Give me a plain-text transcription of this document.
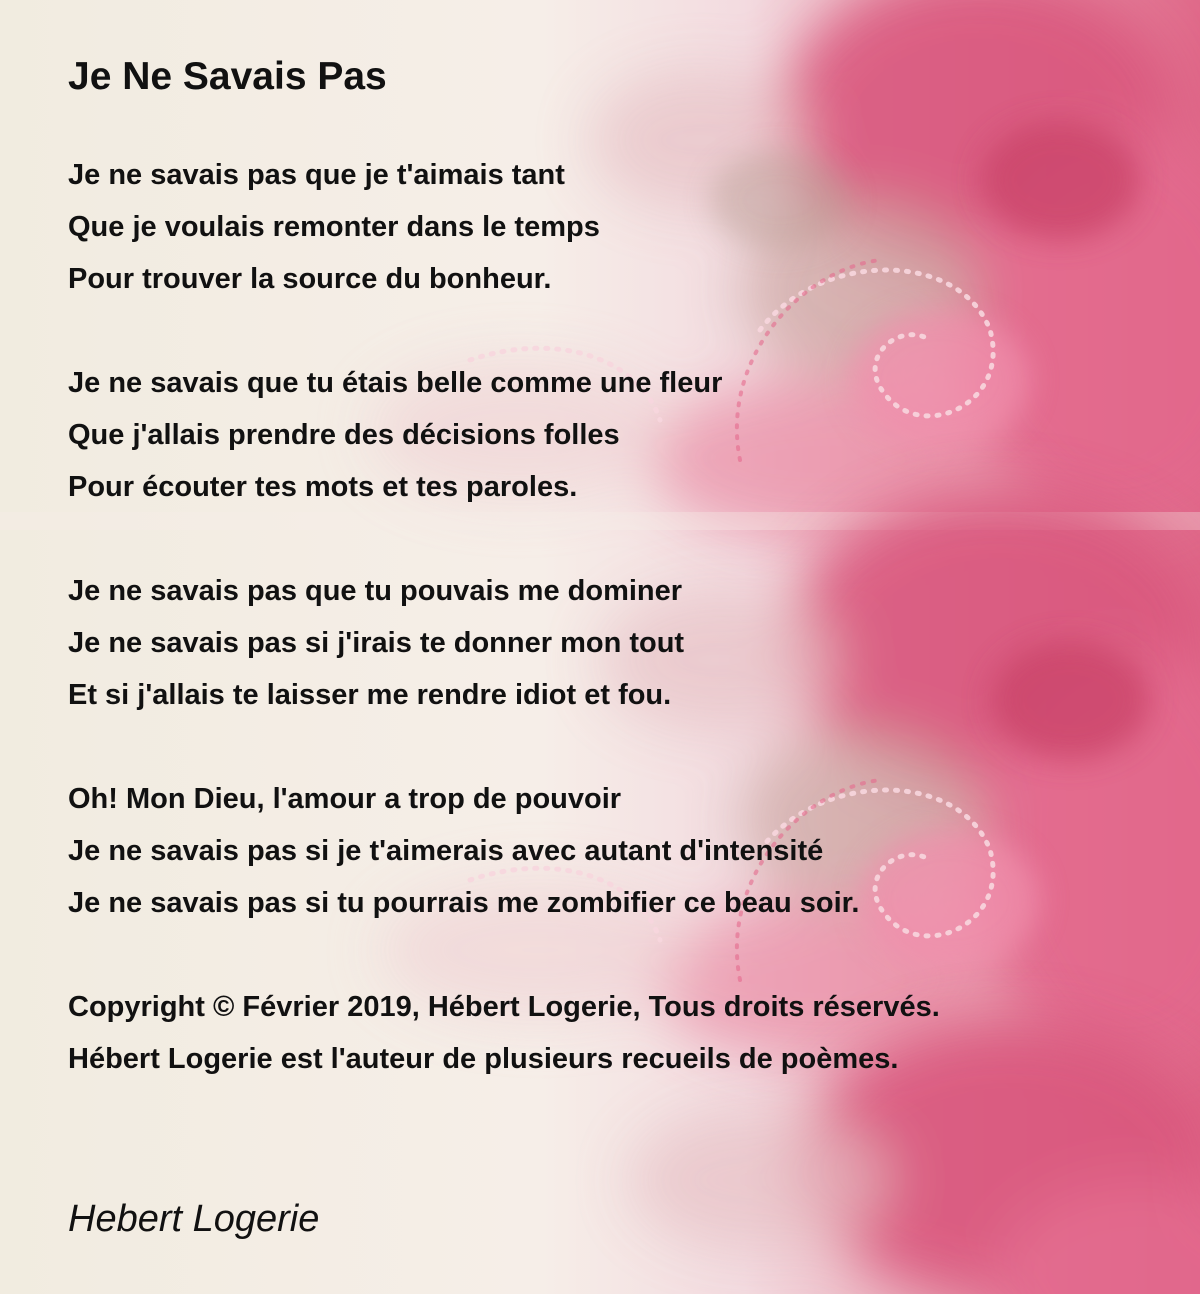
Je Ne Savais Pas
Je ne savais pas que je t'aimais tant
Que je voulais remonter dans le temps
Pour trouver la source du bonheur.
Je ne savais que tu étais belle comme une fleur
Que j'allais prendre des décisions folles
Pour écouter tes mots et tes paroles.
Je ne savais pas que tu pouvais me dominer
Je ne savais pas si j'irais te donner mon tout
Et si j'allais te laisser me rendre idiot et fou.
Oh! Mon Dieu, l'amour a trop de pouvoir
Je ne savais pas si je t'aimerais avec autant d'intensité
Je ne savais pas si tu pourrais me zombifier ce beau soir.
Copyright © Février 2019, Hébert Logerie, Tous droits réservés.
Hébert Logerie est l'auteur de plusieurs recueils de poèmes.
Hebert Logerie
